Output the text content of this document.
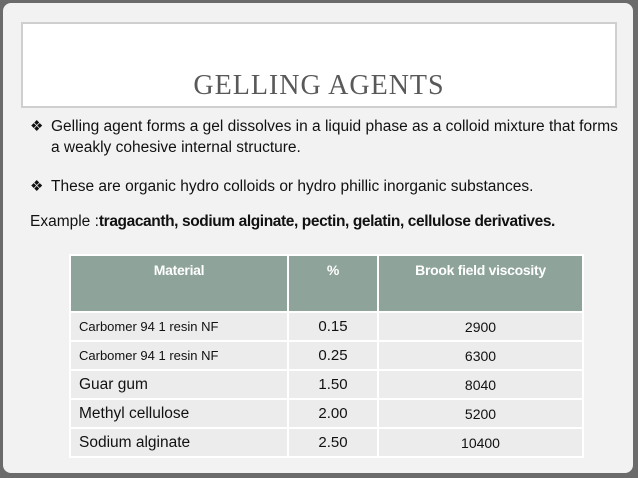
GELLING AGENTS
❖ Gelling agent forms a gel dissolves in a liquid phase as a colloid mixture that forms a weakly cohesive internal structure.
❖ These are organic hydro colloids or hydro phillic inorganic substances.
Example :tragacanth, sodium alginate, pectin, gelatin, cellulose derivatives.
Material	%	Brook field viscosity
Carbomer 94 1 resin NF	0.15	2900
Carbomer 94 1 resin NF	0.25	6300
Guar gum	1.50	8040
Methyl cellulose	2.00	5200
Sodium alginate	2.50	10400
